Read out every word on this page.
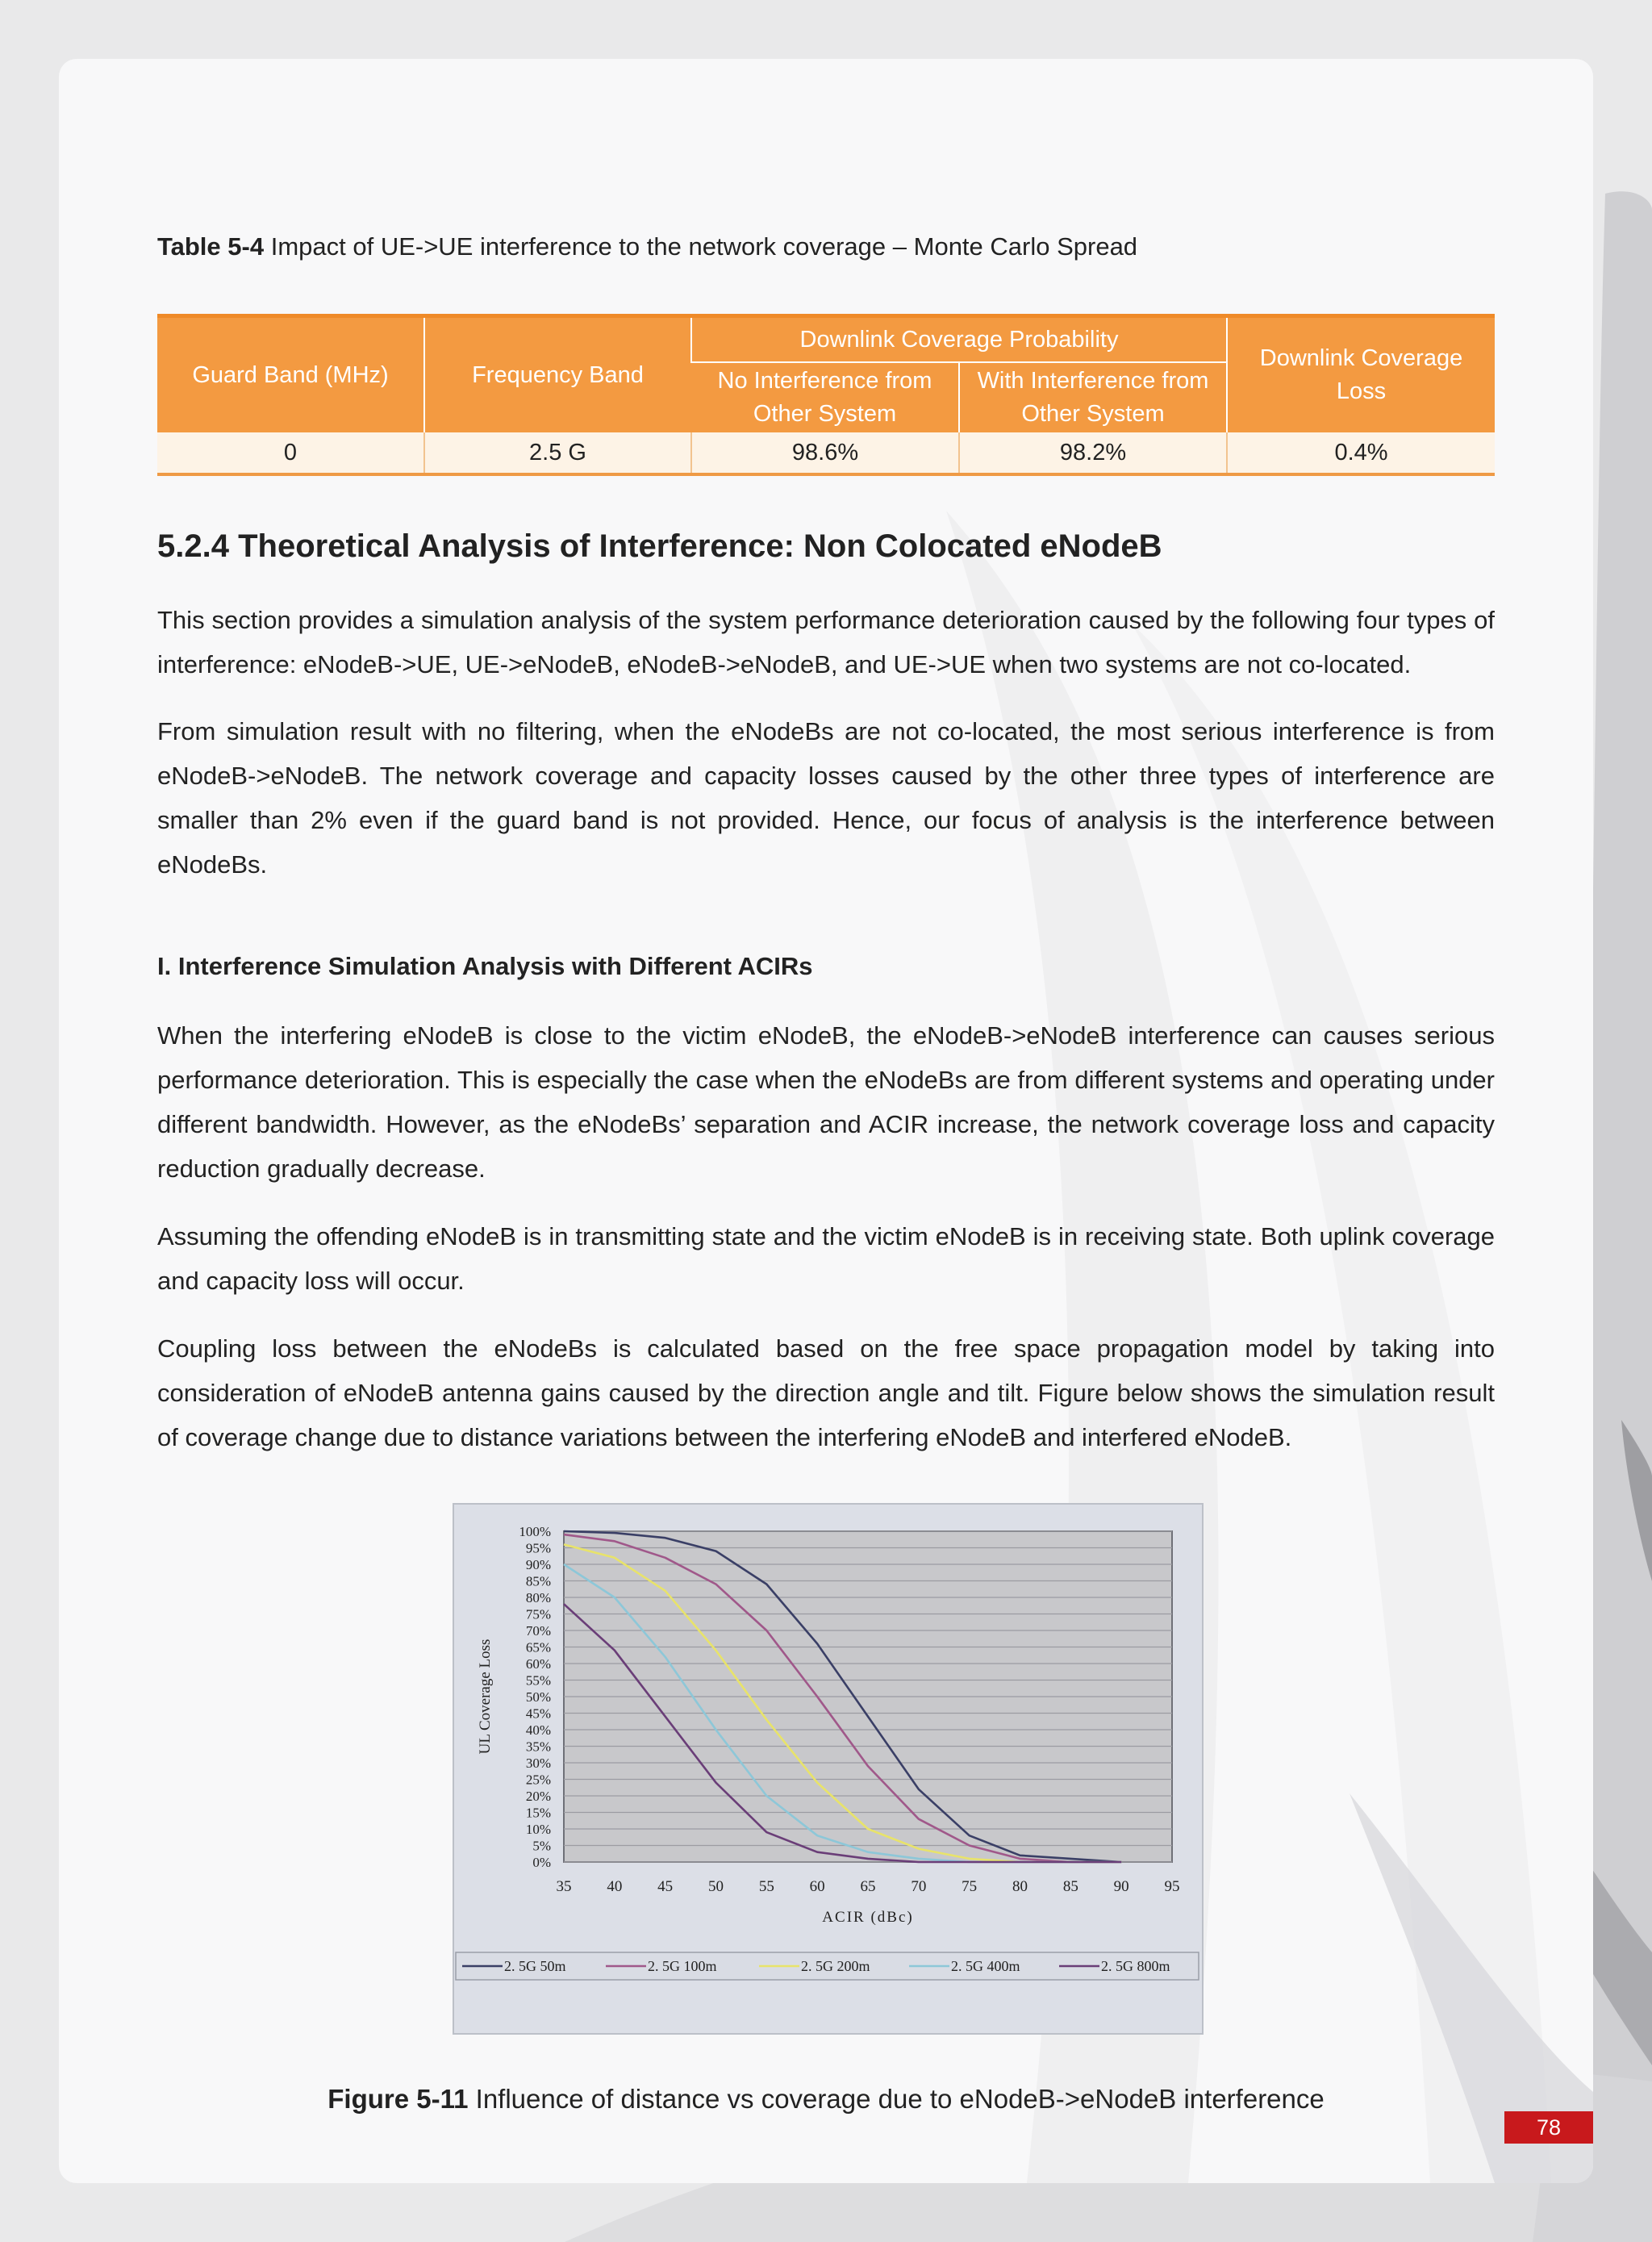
Table 5-4 Impact of UE->UE interference to the network coverage – Monte Carlo Spread
Guard Band (MHz)	Frequency Band	Downlink Coverage Probability		Downlink Coverage Loss
		No Interference from Other System	With Interference from Other System	
0	2.5 G	98.6%	98.2%	0.4%
5.2.4 Theoretical Analysis of Interference: Non Colocated eNodeB

This section provides a simulation analysis of the system performance deterioration caused by the following four types of interference: eNodeB->UE, UE->eNodeB, eNodeB->eNodeB, and UE->UE when two systems are not co-located.

From simulation result with no filtering, when the eNodeBs are not co-located, the most serious interference is from eNodeB->eNodeB. The network coverage and capacity losses caused by the other three types of interference are smaller than 2% even if the guard band is not provided. Hence, our focus of analysis is the interference between eNodeBs.

I. Interference Simulation Analysis with Different ACIRs

When the interfering eNodeB is close to the victim eNodeB, the eNodeB->eNodeB interference can causes serious performance deterioration. This is especially the case when the eNodeBs are from different systems and operating under different bandwidth. However, as the eNodeBs’ separation and ACIR increase, the network coverage loss and capacity reduction gradually decrease.

Assuming the offending eNodeB is in transmitting state and the victim eNodeB is in receiving state. Both uplink coverage and capacity loss will occur.

Coupling loss between the eNodeBs is calculated based on the free space propagation model by taking into consideration of eNodeB antenna gains caused by the direction angle and tilt. Figure below shows the simulation result of coverage change due to distance variations between the interfering eNodeB and interfered eNodeB.

0%
5%
10%
15%
20%
25%
30%
35%
40%
45%
50%
55%
60%
65%
70%
75%
80%
85%
90%
95%
100%
35 40 45 50 55 60 65 70 75 80 85 90 95
ACIR (dBc)
UL Coverage Loss
2. 5G 50m	2. 5G 100m	2. 5G 200m	2. 5G 400m	2. 5G 800m
Figure 5-11 Influence of distance vs coverage due to eNodeB->eNodeB interference
78
